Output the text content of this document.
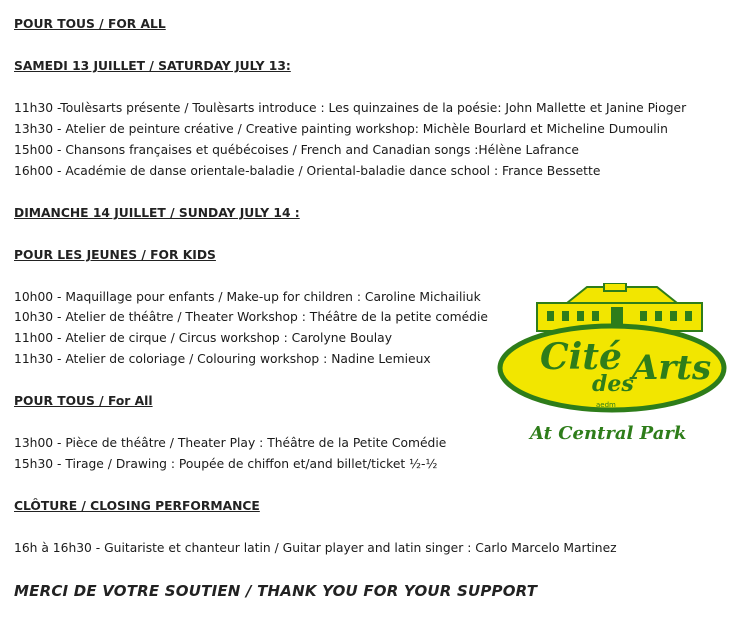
POUR TOUS / FOR ALL
SAMEDI 13 JUILLET / SATURDAY JULY 13:
11h30 -Toulèsarts présente / Toulèsarts introduce : Les quinzaines de la poésie: John Mallette et Janine Pioger
13h30 - Atelier de peinture créative / Creative painting workshop: Michèle Bourlard et Micheline Dumoulin
15h00 - Chansons françaises et québécoises / French and Canadian songs :Hélène Lafrance
16h00 - Académie de danse orientale-baladie / Oriental-baladie dance school : France Bessette
DIMANCHE 14 JUILLET / SUNDAY JULY 14 :
POUR LES JEUNES / FOR KIDS
10h00 - Maquillage pour enfants / Make-up for children : Caroline Michailiuk
10h30 - Atelier de théâtre / Theater Workshop : Théâtre de la petite comédie
11h00 - Atelier de cirque / Circus workshop : Carolyne Boulay
11h30 - Atelier de coloriage / Colouring workshop : Nadine Lemieux
POUR TOUS / For All
13h00 - Pièce de théâtre / Theater Play : Théâtre de la Petite Comédie
15h30 - Tirage / Drawing : Poupée de chiffon et/and billet/ticket ½-½
CLÔTURE / CLOSING PERFORMANCE
16h à 16h30 - Guitariste et chanteur latin / Guitar player and latin singer : Carlo Marcelo Martinez
MERCI DE VOTRE SOUTIEN / THANK YOU FOR YOUR SUPPORT
Cité
des
Arts
aedm
At Central Park
